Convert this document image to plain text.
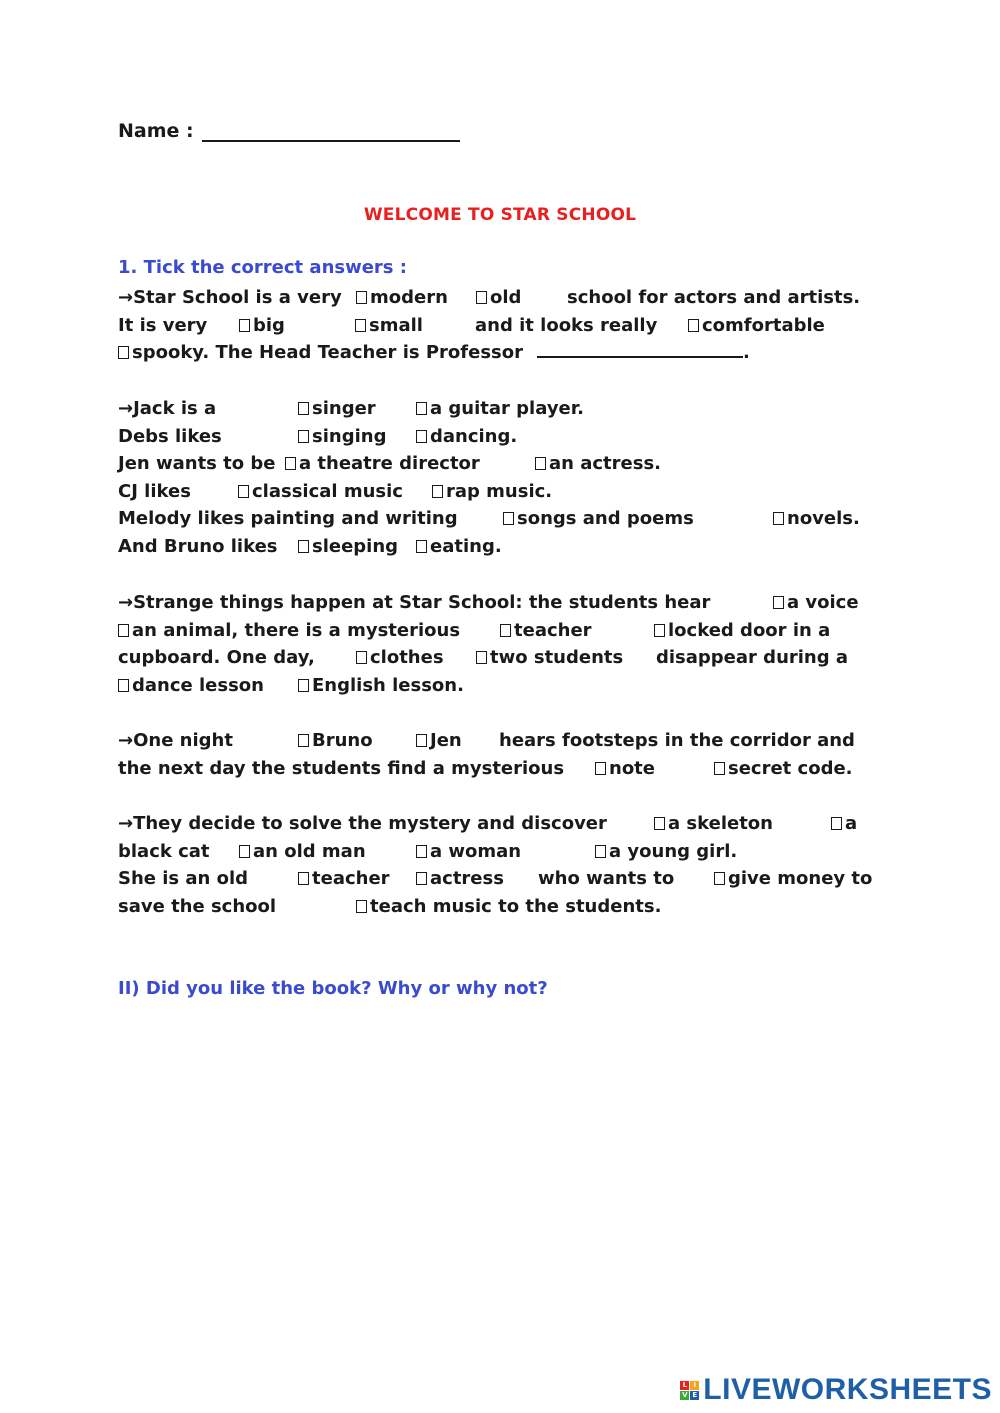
Name :
WELCOME TO STAR SCHOOL
1. Tick the correct answers :
→Star School is a very	modern	old	school for actors and artists.
It is very	big	small	and it looks really	comfortable
spooky. The Head Teacher is Professor	.
→Jack is a	singer	a guitar player.
Debs likes	singing	dancing.
Jen wants to be	a theatre director	an actress.
CJ likes	classical music	rap music.
Melody likes painting and writing	songs and poems	novels.
And Bruno likes	sleeping	eating.
→Strange things happen at Star School: the students hear	a voice
an animal, there is a mysterious	teacher	locked door in a
cupboard. One day,	clothes	two students disappear during a
dance lesson	English lesson.
→One night	Bruno	Jen hears footsteps in the corridor and
the next day the students find a mysterious	note	secret code.
→They decide to solve the mystery and discover	a skeleton	a
black cat	an old man	a woman	a young girl.
She is an old	teacher	actress who wants to	give money to
save the school	teach music to the students.
II) Did you like the book? Why or why not?
L I
V E LIVEWORKSHEETS
